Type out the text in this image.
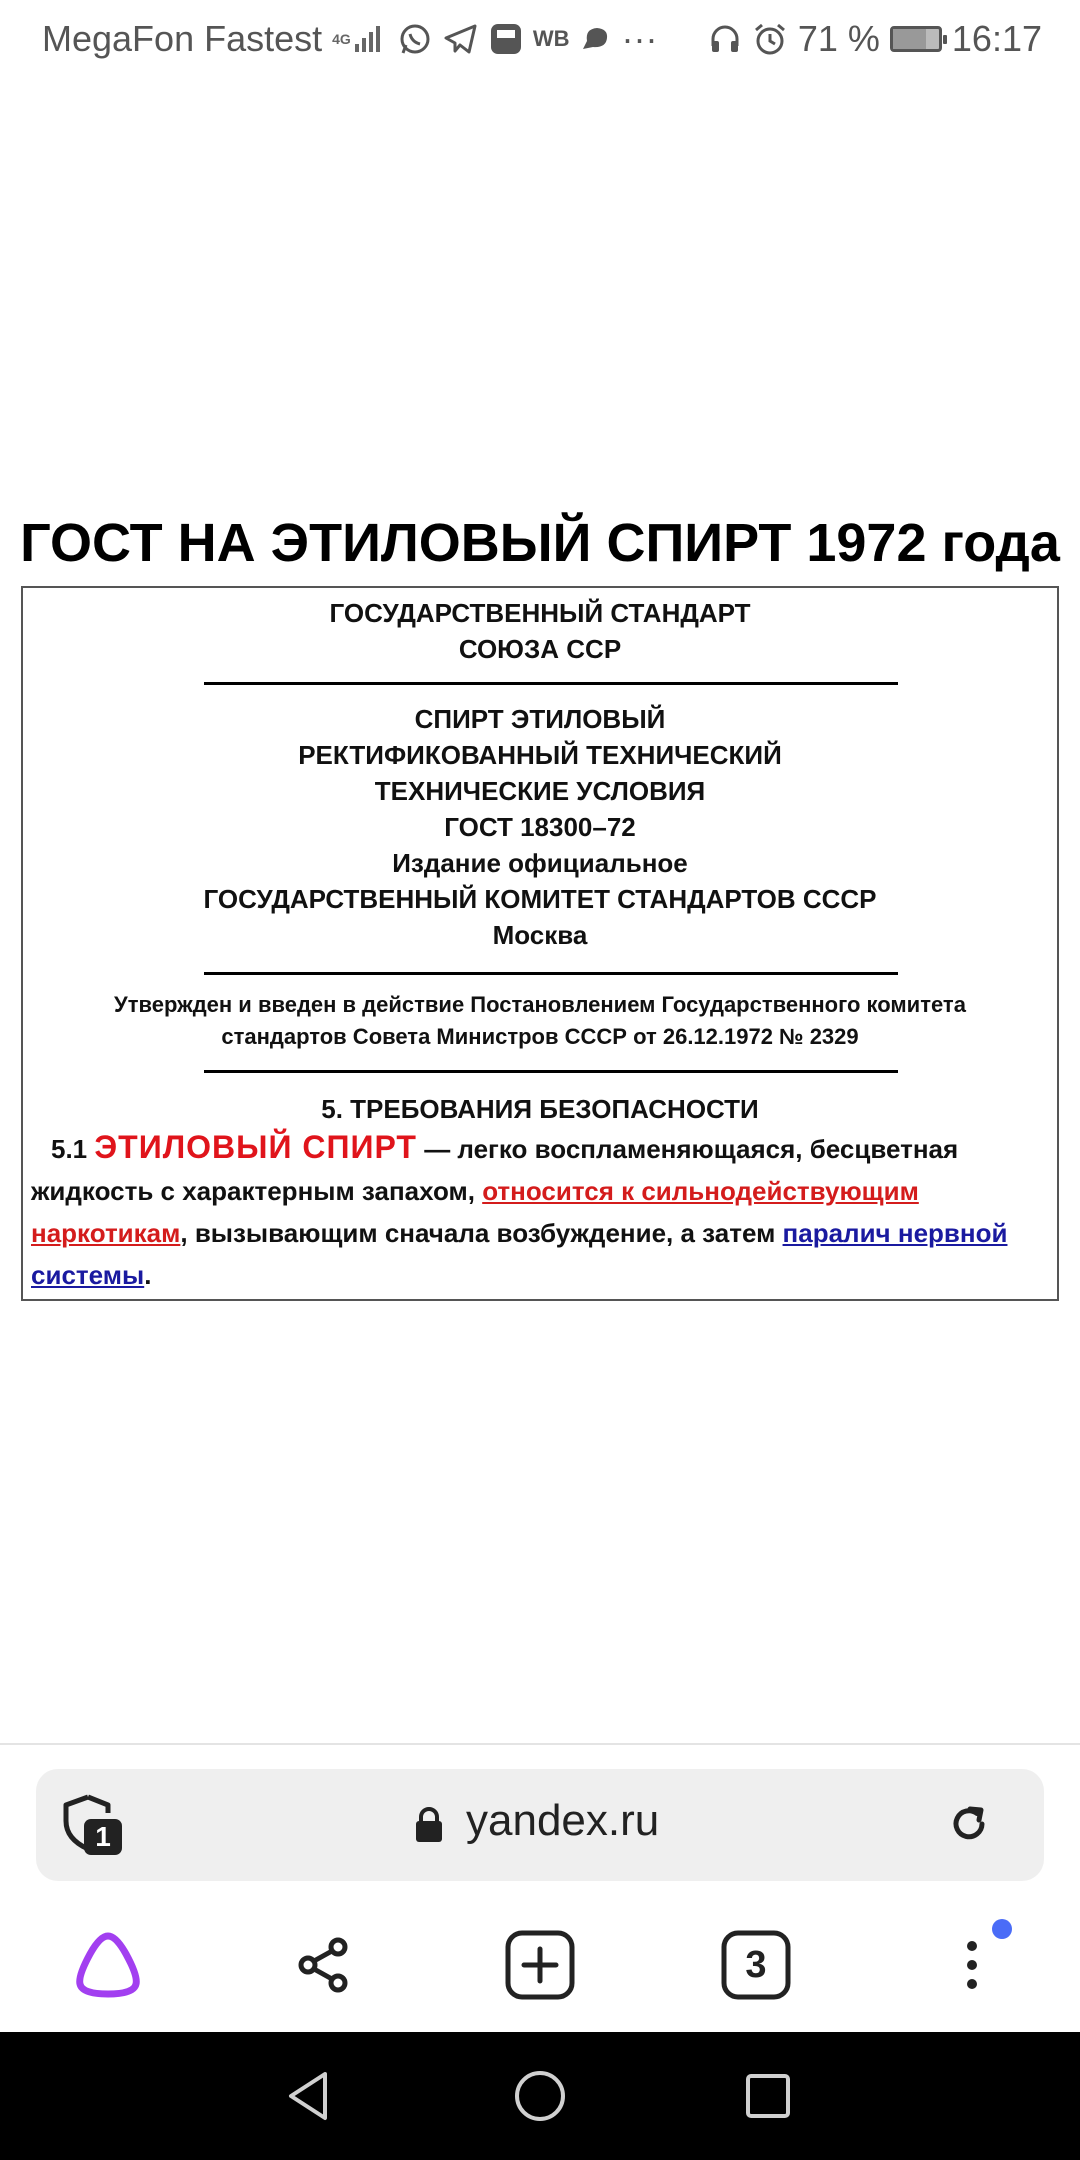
MegaFon Fastest 4G	WB ···	71 % 16:17
ГОСТ НА ЭТИЛОВЫЙ СПИРТ 1972 года
ГОСУДАРСТВЕННЫЙ СТАНДАРТ
СОЮЗА ССР
СПИРТ ЭТИЛОВЫЙ
РЕКТИФИКОВАННЫЙ ТЕХНИЧЕСКИЙ
ТЕХНИЧЕСКИЕ УСЛОВИЯ
ГОСТ 18300–72
Издание официальное
ГОСУДАРСТВЕННЫЙ КОМИТЕТ СТАНДАРТОВ СССР
Москва
Утвержден и введен в действие Постановлением Государственного комитета
стандартов Совета Министров СССР от 26.12.1972 № 2329
5. ТРЕБОВАНИЯ БЕЗОПАСНОСТИ
5.1 ЭТИЛОВЫЙ СПИРТ — легко воспламеняющаяся, бесцветная жидкость с характерным запахом, относится к сильнодействующим наркотикам, вызывающим сначала возбуждение, а затем паралич нервной системы.
1	yandex.ru
3
